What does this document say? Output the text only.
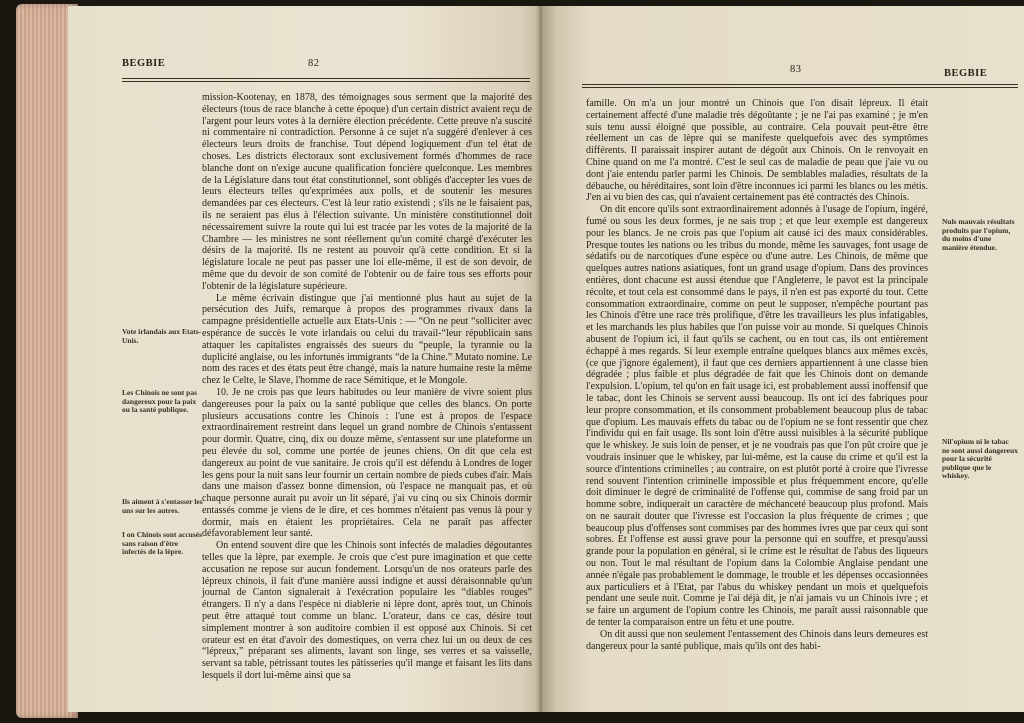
BEGBIE	82
Vote irlandais aux Etats-Unis.
Les Chinois ne sont pas dangereux pour la paix ou la santé publique.
Ils aiment à s'entasser les uns sur les autres.
I on Chinois sont accusés sans raison d'être infectés de la lèpre.

mission-Kootenay, en 1878, des témoignages sous serment que la majorité des électeurs (tous de race blanche à cette époque) d'un certain district avaient reçu de l'argent pour leurs votes à la dernière élection précédente. Cette preuve n'a suscité ni commentaire ni contradiction. Personne à ce sujet n'a suggéré d'enlever à ces électeurs leurs droits de franchise. Tout dépend logiquement d'un tel état de choses. Les districts électoraux sont exclusivement formés d'hommes de race blanche dont on n'exige aucune qualification foncière quelconque. Les membres de la Législature dans tout état constitutionnel, sont obligés d'accepter les vues de leurs électeurs telles qu'exprimées aux polls, et de soutenir les mesures demandées par ces électeurs. C'est là leur ratio existendi ; s'ils ne le faisaient pas, ils ne seraient pas élus à l'élection suivante. Un ministère constitutionnel doit nécessairement suivre la route qui lui est tracée par les votes de la majorité de la Chambre — les ministres ne sont réellement qu'un comité chargé d'exécuter les désirs de la majorité. Ils ne restent au pouvoir qu'à cette condition. Et si la législature locale ne peut pas passer une loi elle-même, il est de son devoir, de même que du devoir de son comité de l'obtenir ou de faire tous ses efforts pour l'obtenir de la législature supérieure.

Le même écrivain distingue que j'ai mentionné plus haut au sujet de la persécution des Juifs, remarque à propos des programmes rivaux dans la campagne présidentielle actuelle aux Etats-Unis : — “On ne peut “solliciter avec espérance de succès le vote irlandais ou celui du travail-“leur républicain sans attaquer les capitalistes engraissés des sueurs du “peuple, la tyrannie ou la duplicité anglaise, ou les infortunés immigrants “de la Chine.” Mutato nomine. Le nom des races et des états peut être changé, mais la nature humaine reste la même chez le Celte, le Slave, l'homme de race Sémitique, et le Mongole.

10. Je ne crois pas que leurs habitudes ou leur manière de vivre soient plus dangereuses pour la paix ou la santé publique que celles des blancs. On porte plusieurs accusations contre les Chinois : l'une est à propos de l'espace extraordinairement restreint dans lequel un grand nombre de Chinois s'entassent pour dormir. Quatre, cinq, dix ou douze même, s'entassent sur une plateforme un peu élevée du sol, comme une portée de jeunes chiens. On dit que cela est dangereux au point de vue sanitaire. Je crois qu'il est défendu à Londres de loger les gens pour la nuit sans leur fournir un certain nombre de pieds cubes d'air. Mais dans une maison d'assez bonne dimension, où l'espace ne manquait pas, et où chaque personne aurait pu avoir un lit séparé, j'ai vu cinq ou six Chinois dormir entassés comme je viens de le dire, et ces hommes n'étaient pas venus là pour y dormir, mais en étaient les propriétaires. Cela ne paraît pas affecter défavorablement leur santé.

On entend souvent dire que les Chinois sont infectés de maladies dégoutantes telles que la lèpre, par exemple. Je crois que c'est pure imagination et que cette accusation ne repose sur aucun fondement. Lorsqu'un de nos orateurs parle des lépreux chinois, il fait d'une manière aussi indigne et aussi déraisonnable qu'un journal de Canton signalerait à l'exécration populaire les “diables rouges” étrangers. Il n'y a dans l'espèce ni diablerie ni lèpre dont, après tout, un Chinois peut être attaqué tout comme un blanc. L'orateur, dans ce cas, désire tout simplement montrer à son auditoire combien il est opposé aux Chinois. Si cet orateur est en état d'avoir des domestiques, on verra chez lui un ou deux de ces “lépreux,” préparant ses aliments, lavant son linge, ses verres et sa vaisselle, servant sa table, pétrissant toutes les pâtisseries qu'il mange et faisant les lits dans lesquels il dort lui-même ainsi que sa

83	BEGBIE

famille. On m'a un jour montré un Chinois que l'on disait lépreux. Il était certainement affecté d'une maladie très dégoûtante ; je ne l'ai pas examiné ; je m'en suis tenu aussi éloigné que possible, au contraire. Cela pouvait peut-être être réellement un cas de lèpre qui se manifeste quelquefois avec des symptômes différents. Il paraissait inspirer autant de dégoût aux Chinois. On le renvoyait en Chine quand on me l'a montré. C'est le seul cas de maladie de peau que j'aie vu ou dont j'aie entendu parler parmi les Chinois. De semblables maladies, résultats de la débauche, ou héréditaires, sont loin d'être inconnues ici parmi les blancs ou les métis. J'en ai vu bien des cas, qui n'avaient certainement pas été contractés des Chinois.

On dit encore qu'ils sont extraordinairement adonnés à l'usage de l'opium, ingéré, fumé ou sous les deux formes, je ne sais trop ; et que leur exemple est dangereux pour les blancs. Je ne crois pas que l'opium ait causé ici des maux considérables. Presque toutes les nations ou les tribus du monde, même les sauvages, font usage de sédatifs ou de narcotiques d'une espèce ou d'une autre. Les Chinois, de même que quelques autres nations asiatiques, font un grand usage d'opium. Dans des provinces entières, dont chacune est aussi étendue que l'Angleterre, le pavot est la principale récolte, et tout cela est consommé dans le pays, il n'en est pas exporté du tout. Cette consommation extraordinaire, comme on peut le supposer, n'empêche pourtant pas les Chinois d'être une race très prolifique, d'être les travailleurs les plus infatigables, et les marchands les plus habiles que l'on puisse voir au monde. Si quelques Chinois abusent de l'opium ici, il faut qu'ils se cachent, ou en tout cas, ils ont entièrement échappé à mes regards. Si leur exemple entraîne quelques blancs aux mêmes excès, (ce que j'ignore également), il faut que ces derniers appartiennent à une classe bien dégradée ; plus faible et plus dégradée de fait que les Chinois dont on demande l'expulsion. L'opium, tel qu'on en fait usage ici, est probablement aussi inoffensif que le tabac, dont les Chinois se servent aussi beaucoup. Ils ont ici des fabriques pour leur propre consommation, et ils consomment probablement beaucoup plus de tabac que d'opium. Les mauvais effets du tabac ou de l'opium ne se font ressentir que chez l'individu qui en fait usage. Ils sont loin d'être aussi nuisibles à la sécurité publique que le whiskey. Je suis loin de penser, et je ne voudrais pas que l'on pût croire que je voudrais insinuer que le whiskey, par lui-même, est la cause du crime et qu'il est la source d'intentions criminelles ; au contraire, on est plutôt porté à croire que l'ivresse rend souvent l'intention criminelle impossible et plus fréquemment encore, qu'elle doit diminuer le degré de criminalité de l'offense qui, commise de sang froid par un homme sobre, indiquerait un caractère de méchanceté beaucoup plus profond. Mais on ne saurait douter que l'ivresse est l'occasion la plus fréquente de crimes ; que beaucoup plus d'offenses sont commises par des hommes ivres que par ceux qui sont sobres. Et l'offense est aussi grave pour la personne qui en souffre, et presqu'aussi grande pour la population en général, si le crime est le résultat de l'abus des liqueurs ou non. Tout le mal résultant de l'opium dans la Colombie Anglaise pendant une année n'égale pas probablement le dommage, le trouble et les dépenses occasionnées aux particuliers et à l'Etat, par l'abus du whiskey pendant un mois et quelquefois pendant une seule nuit. Comme je l'ai déjà dit, je n'ai jamais vu un Chinois ivre ; et se faire un argument de l'opium contre les Chinois, me paraît aussi raisonnable que de tenter la comparaison entre un fétu et une poutre.

On dit aussi que non seulement l'entassement des Chinois dans leurs demeures est dangereux pour la santé publique, mais qu'ils ont des habi-

Nuls mauvais résultats produits par l'opium, du moins d'une manière étendue.
Nil'opium ni le tabac ne sont aussi dangereux pour la sécurité publique que le whiskey.
